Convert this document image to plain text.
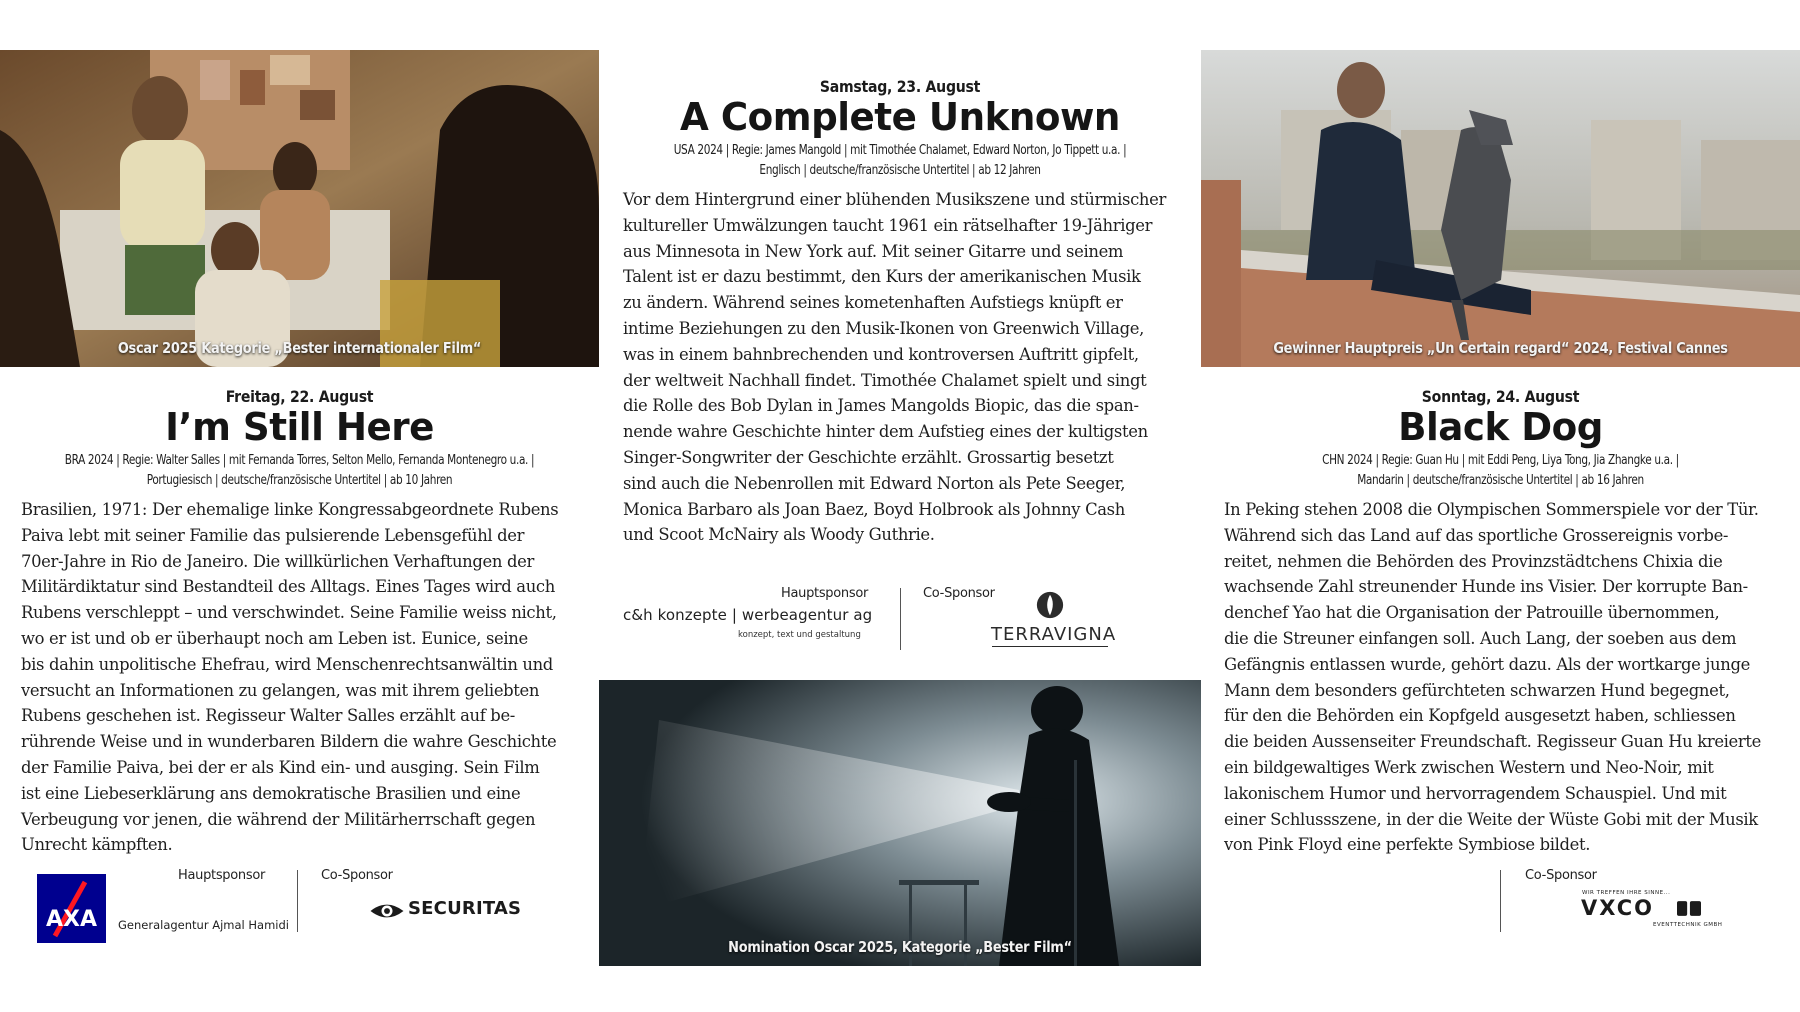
Oscar 2025 Kategorie „Bester internationaler Film“
Freitag, 22. August
I’m Still Here
BRA 2024 | Regie: Walter Salles | mit Fernanda Torres, Selton Mello, Fernanda Montenegro u.a. |
Portugiesisch | deutsche/französische Untertitel | ab 10 Jahren
Brasilien, 1971: Der ehemalige linke Kongressabgeordnete Rubens
Paiva lebt mit seiner Familie das pulsierende Lebensgefühl der
70er-Jahre in Rio de Janeiro. Die willkürlichen Verhaftungen der
Militärdiktatur sind Bestandteil des Alltags. Eines Tages wird auch
Rubens verschleppt – und verschwindet. Seine Familie weiss nicht,
wo er ist und ob er überhaupt noch am Leben ist. Eunice, seine
bis dahin unpolitische Ehefrau, wird Menschenrechtsanwältin und
versucht an Informationen zu gelangen, was mit ihrem geliebten
Rubens geschehen ist. Regisseur Walter Salles erzählt auf be-
rührende Weise und in wunderbaren Bildern die wahre Geschichte
der Familie Paiva, bei der er als Kind ein- und ausging. Sein Film
ist eine Liebeserklärung ans demokratische Brasilien und eine
Verbeugung vor jenen, die während der Militärherrschaft gegen
Unrecht kämpften.
AXA
Hauptsponsor
Generalagentur Ajmal Hamidi
Co-Sponsor
SECURITAS
Samstag, 23. August
A Complete Unknown
USA 2024 | Regie: James Mangold | mit Timothée Chalamet, Edward Norton, Jo Tippett u.a. |
Englisch | deutsche/französische Untertitel | ab 12 Jahren
Vor dem Hintergrund einer blühenden Musikszene und stürmischer
kultureller Umwälzungen taucht 1961 ein rätselhafter 19-Jähriger
aus Minnesota in New York auf. Mit seiner Gitarre und seinem
Talent ist er dazu bestimmt, den Kurs der amerikanischen Musik
zu ändern. Während seines kometenhaften Aufstiegs knüpft er
intime Beziehungen zu den Musik-Ikonen von Greenwich Village,
was in einem bahnbrechenden und kontroversen Auftritt gipfelt,
der weltweit Nachhall findet. Timothée Chalamet spielt und singt
die Rolle des Bob Dylan in James Mangolds Biopic, das die span-
nende wahre Geschichte hinter dem Aufstieg eines der kultigsten
Singer-Songwriter der Geschichte erzählt. Grossartig besetzt
sind auch die Nebenrollen mit Edward Norton als Pete Seeger,
Monica Barbaro als Joan Baez, Boyd Holbrook als Johnny Cash
und Scoot McNairy als Woody Guthrie.
Hauptsponsor
c&h konzepte | werbeagentur ag
konzept, text und gestaltung
Co-Sponsor
TERRAVIGNA
Nomination Oscar 2025, Kategorie „Bester Film“
Gewinner Hauptpreis „Un Certain regard“ 2024, Festival Cannes
Sonntag, 24. August
Black Dog
CHN 2024 | Regie: Guan Hu | mit Eddi Peng, Liya Tong, Jia Zhangke u.a. |
Mandarin | deutsche/französische Untertitel | ab 16 Jahren
In Peking stehen 2008 die Olympischen Sommerspiele vor der Tür.
Während sich das Land auf das sportliche Grossereignis vorbe-
reitet, nehmen die Behörden des Provinzstädtchens Chixia die
wachsende Zahl streunender Hunde ins Visier. Der korrupte Ban-
denchef Yao hat die Organisation der Patrouille übernommen,
die die Streuner einfangen soll. Auch Lang, der soeben aus dem
Gefängnis entlassen wurde, gehört dazu. Als der wortkarge junge
Mann dem besonders gefürchteten schwarzen Hund begegnet,
für den die Behörden ein Kopfgeld ausgesetzt haben, schliessen
die beiden Aussenseiter Freundschaft. Regisseur Guan Hu kreierte
ein bildgewaltiges Werk zwischen Western und Neo-Noir, mit
lakonischem Humor und hervorragendem Schauspiel. Und mit
einer Schlussszene, in der die Weite der Wüste Gobi mit der Musik
von Pink Floyd eine perfekte Symbiose bildet.
Co-Sponsor
WIR TREFFEN IHRE SINNE...
VXCO
EVENTTECHNIK GMBH
